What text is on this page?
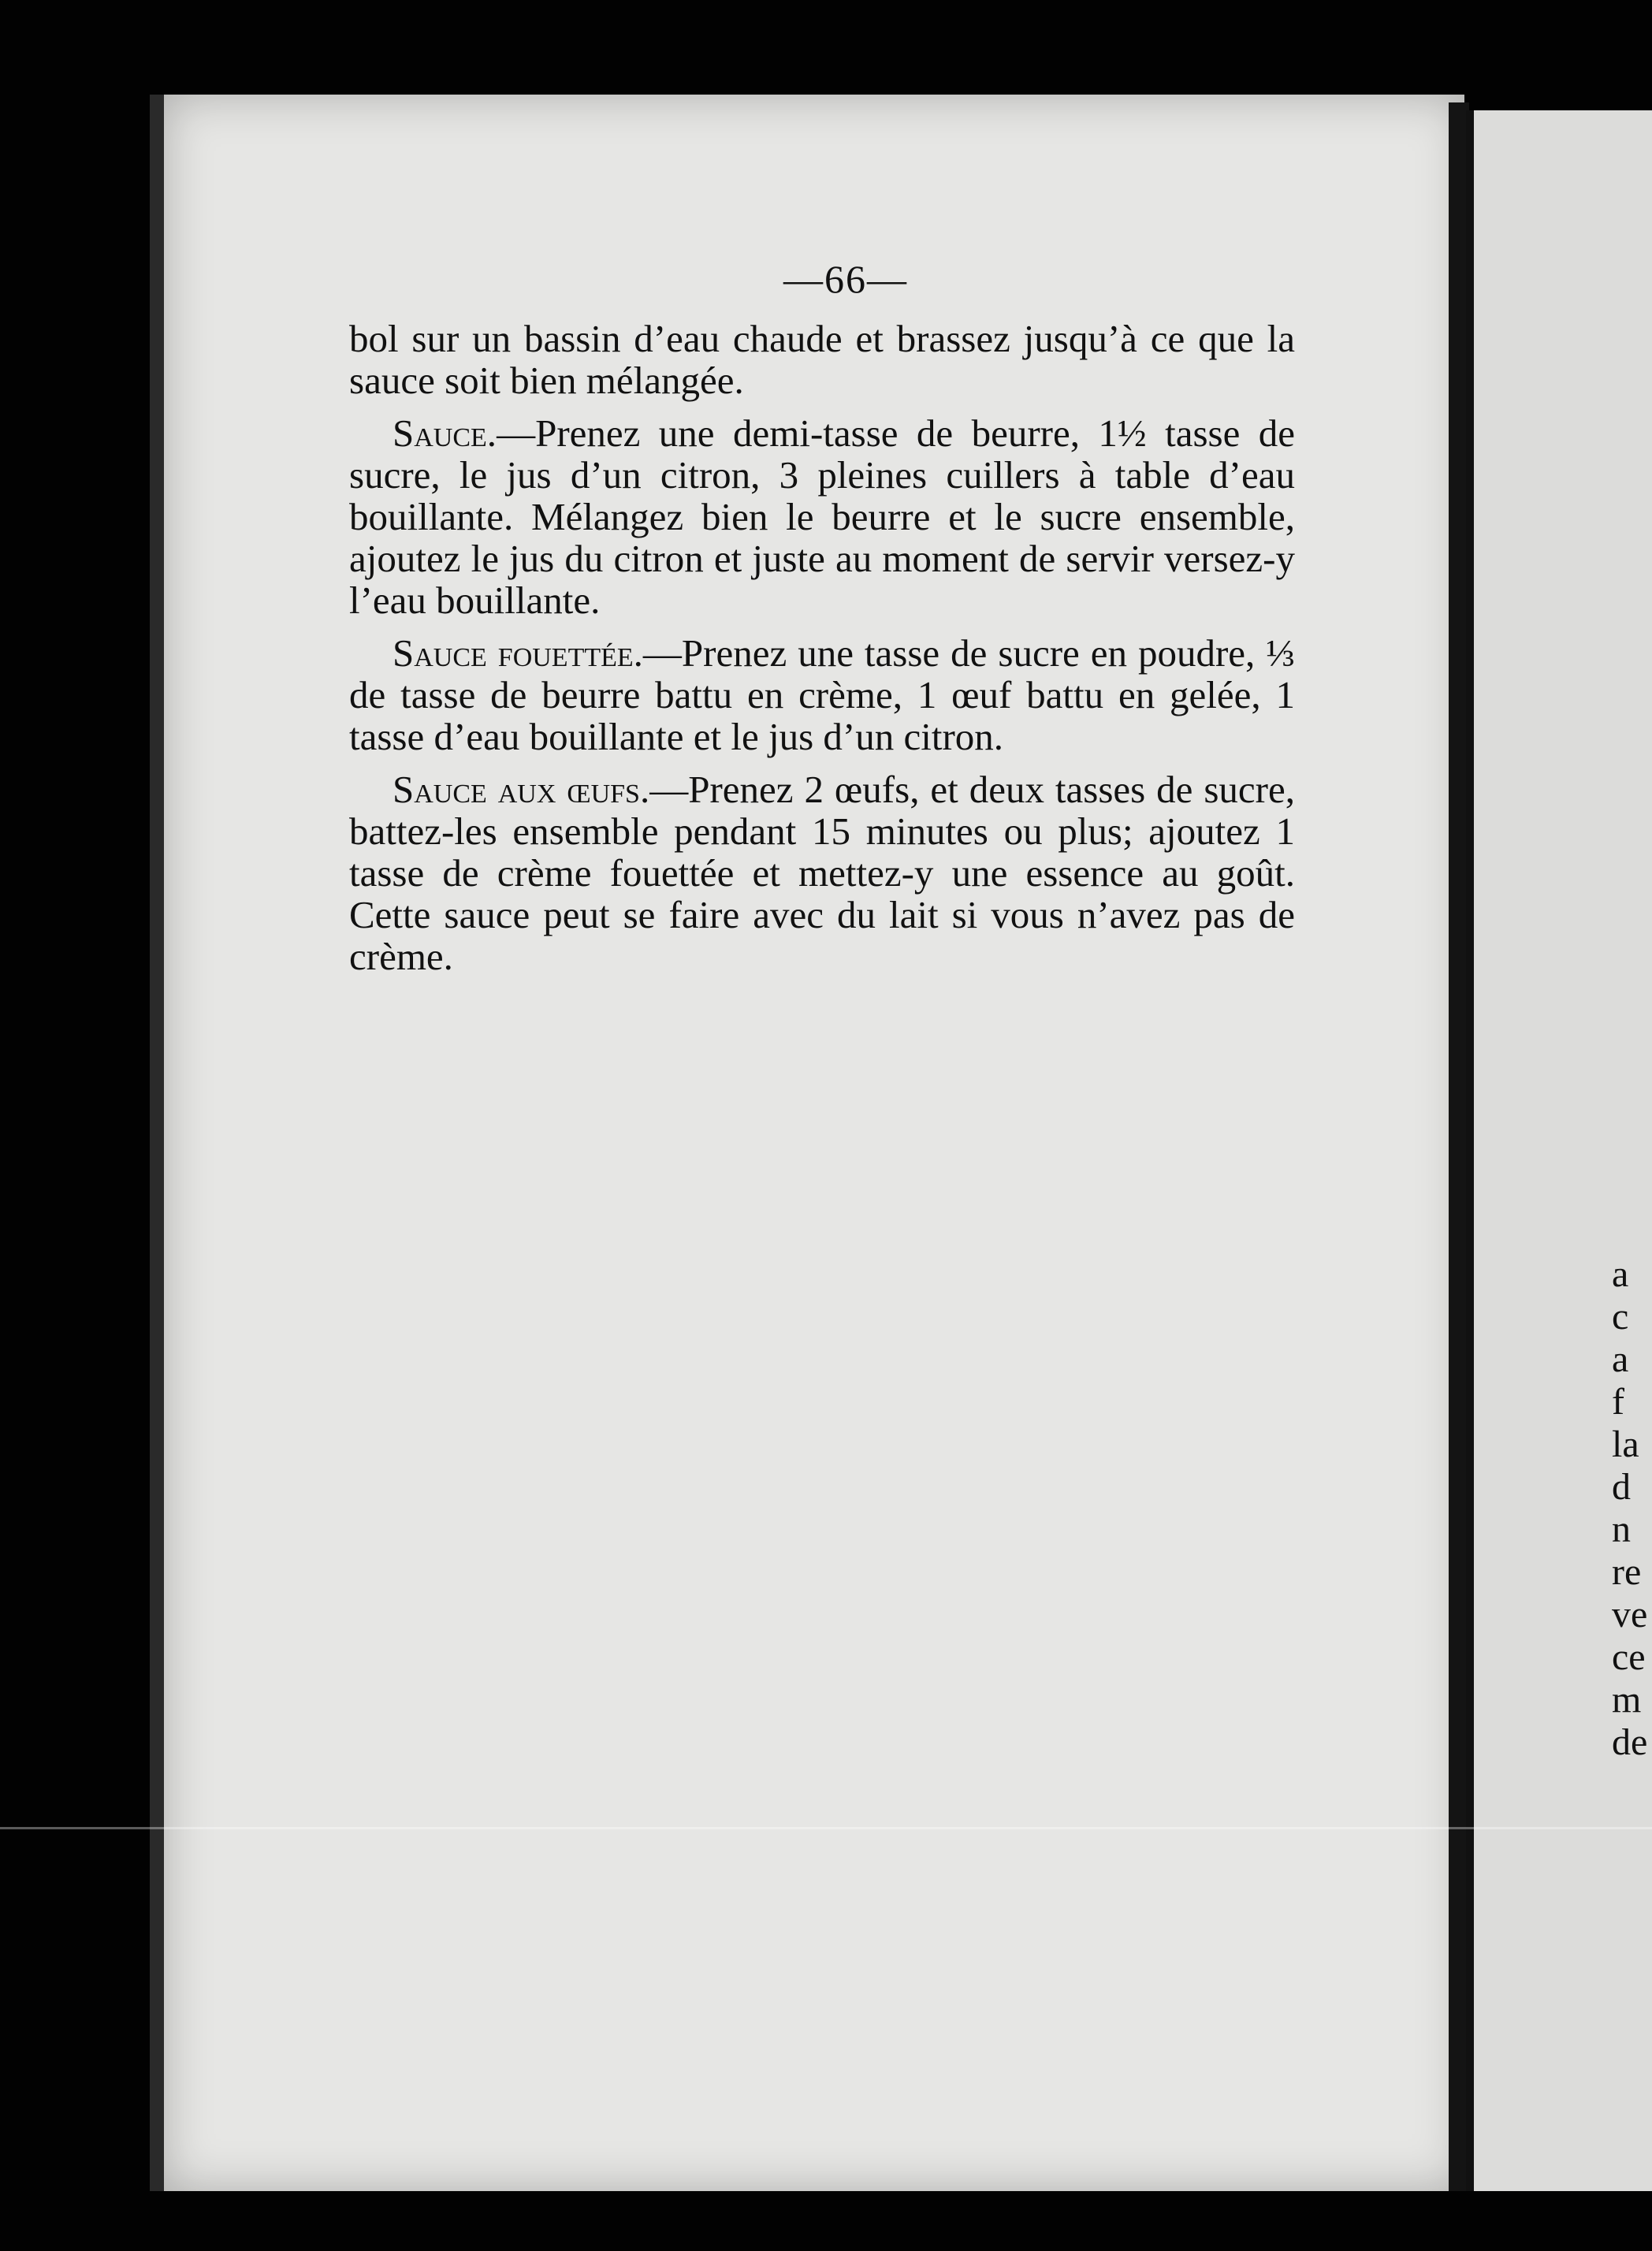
—66—

bol sur un bassin d’eau chaude et brassez jusqu’à ce que la sauce soit bien mélangée.

Sauce.—Prenez une demi-tasse de beurre, 1½ tasse de sucre, le jus d’un citron, 3 pleines cuillers à table d’eau bouillante. Mélangez bien le beurre et le sucre ensemble, ajoutez le jus du citron et juste au moment de servir versez-y l’eau bouillante.

Sauce fouettée.—Prenez une tasse de sucre en poudre, ⅓ de tasse de beurre battu en crème, 1 œuf battu en gelée, 1 tasse d’eau bouillante et le jus d’un citron.

Sauce aux œufs.—Prenez 2 œufs, et deux tasses de sucre, battez-les ensemble pendant 15 minutes ou plus; ajoutez 1 tasse de crème fouettée et mettez-y une essence au goût. Cette sauce peut se faire avec du lait si vous n’avez pas de crème.

a
c
a
f
la
d
n
re
ve
ce
m
de
